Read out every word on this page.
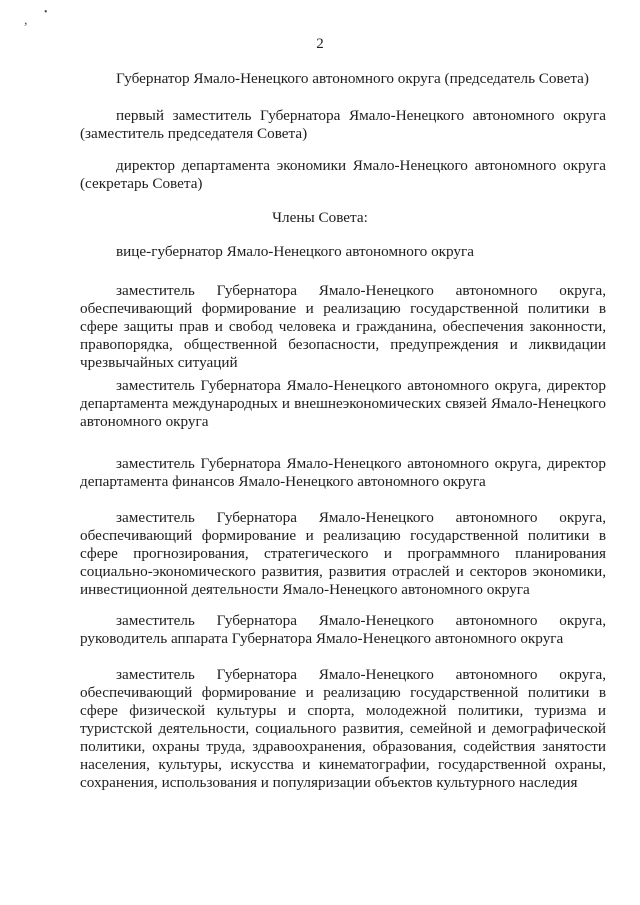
,
•
2
Губернатор Ямало-Ненецкого автономного округа (председатель Совета)
первый заместитель Губернатора Ямало-Ненецкого автономного округа (заместитель председателя Совета)
директор департамента экономики Ямало-Ненецкого автономного округа (секретарь Совета)
Члены Совета:
вице-губернатор Ямало-Ненецкого автономного округа
заместитель Губернатора Ямало-Ненецкого автономного округа, обеспечивающий формирование и реализацию государственной политики в сфере защиты прав и свобод человека и гражданина, обеспечения законности, правопорядка, общественной безопасности, предупреждения и ликвидации чрезвычайных ситуаций
заместитель Губернатора Ямало-Ненецкого автономного округа, директор департамента международных и внешнеэкономических связей Ямало-Ненецкого автономного округа
заместитель Губернатора Ямало-Ненецкого автономного округа, директор департамента финансов Ямало-Ненецкого автономного округа
заместитель Губернатора Ямало-Ненецкого автономного округа, обеспечивающий формирование и реализацию государственной политики в сфере прогнозирования, стратегического и программного планирования социально-экономического развития, развития отраслей и секторов экономики, инвестиционной деятельности Ямало-Ненецкого автономного округа
заместитель Губернатора Ямало-Ненецкого автономного округа, руководитель аппарата Губернатора Ямало-Ненецкого автономного округа
заместитель Губернатора Ямало-Ненецкого автономного округа, обеспечивающий формирование и реализацию государственной политики в сфере физической культуры и спорта, молодежной политики, туризма и туристской деятельности, социального развития, семейной и демографической политики, охраны труда, здравоохранения, образования, содействия занятости населения, культуры, искусства и кинематографии, государственной охраны, сохранения, использования и популяризации объектов культурного наследия
